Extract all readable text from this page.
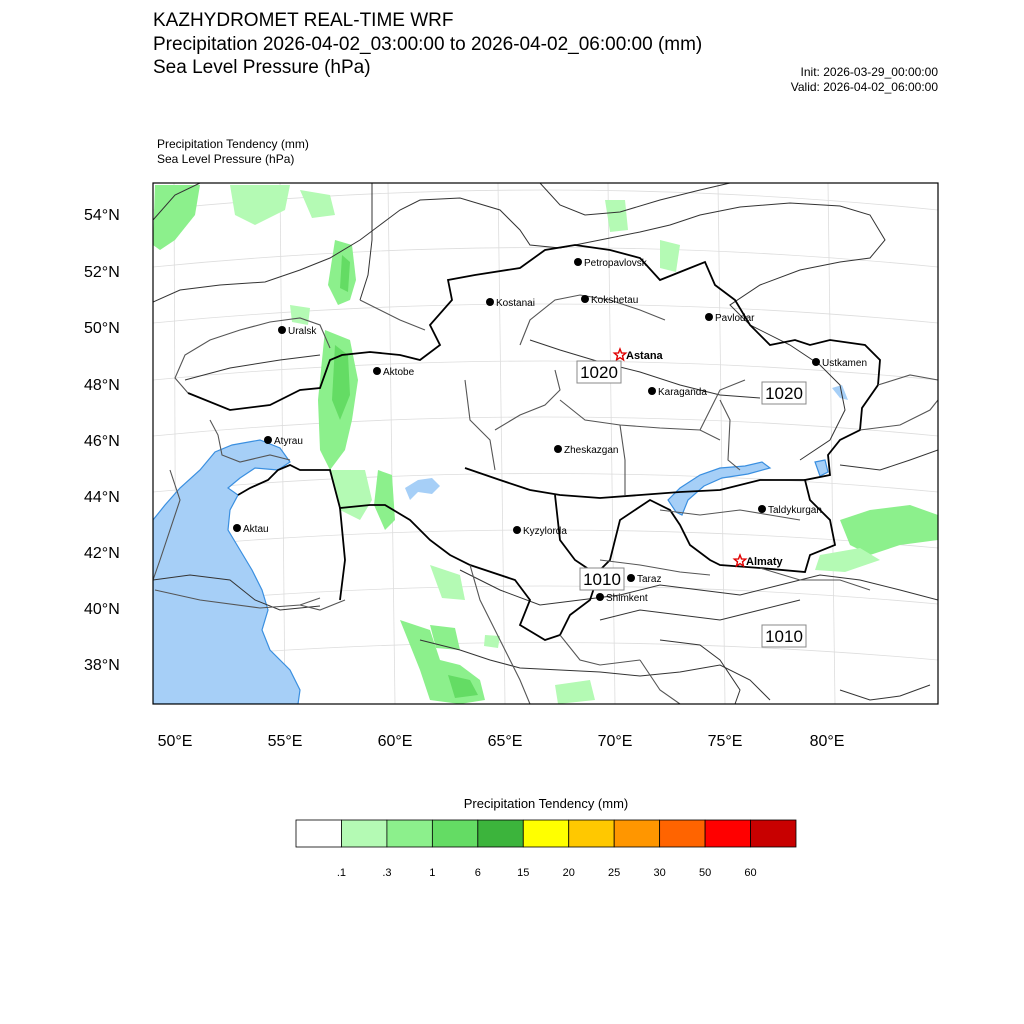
KAZHYDROMET REAL-TIME WRF
Precipitation 2026-04-02_03:00:00 to 2026-04-02_06:00:00 (mm)
Sea Level Pressure (hPa)	Init: 2026-03-29_00:00:00
Valid: 2026-04-02_06:00:00
Precipitation Tendency (mm)
Sea Level Pressure (hPa)
Petropavlovsk
Kostanai	Kokshetau
Pavlodar
Uralsk
Astana
Aktobe
Ustkamen
Karaganda
Atyrau
Zheskazgan
Taldykurgan
Aktau	Kyzylorda
Almaty
Taraz
Shimkent
1020
1020
1010
1010
54°N
52°N
50°N
48°N
46°N
44°N
42°N
40°N
38°N
50°E	55°E	60°E	65°E	70°E	75°E	80°E
Precipitation Tendency (mm)
.1	.3	1	6	15	20	25	30	50	60
